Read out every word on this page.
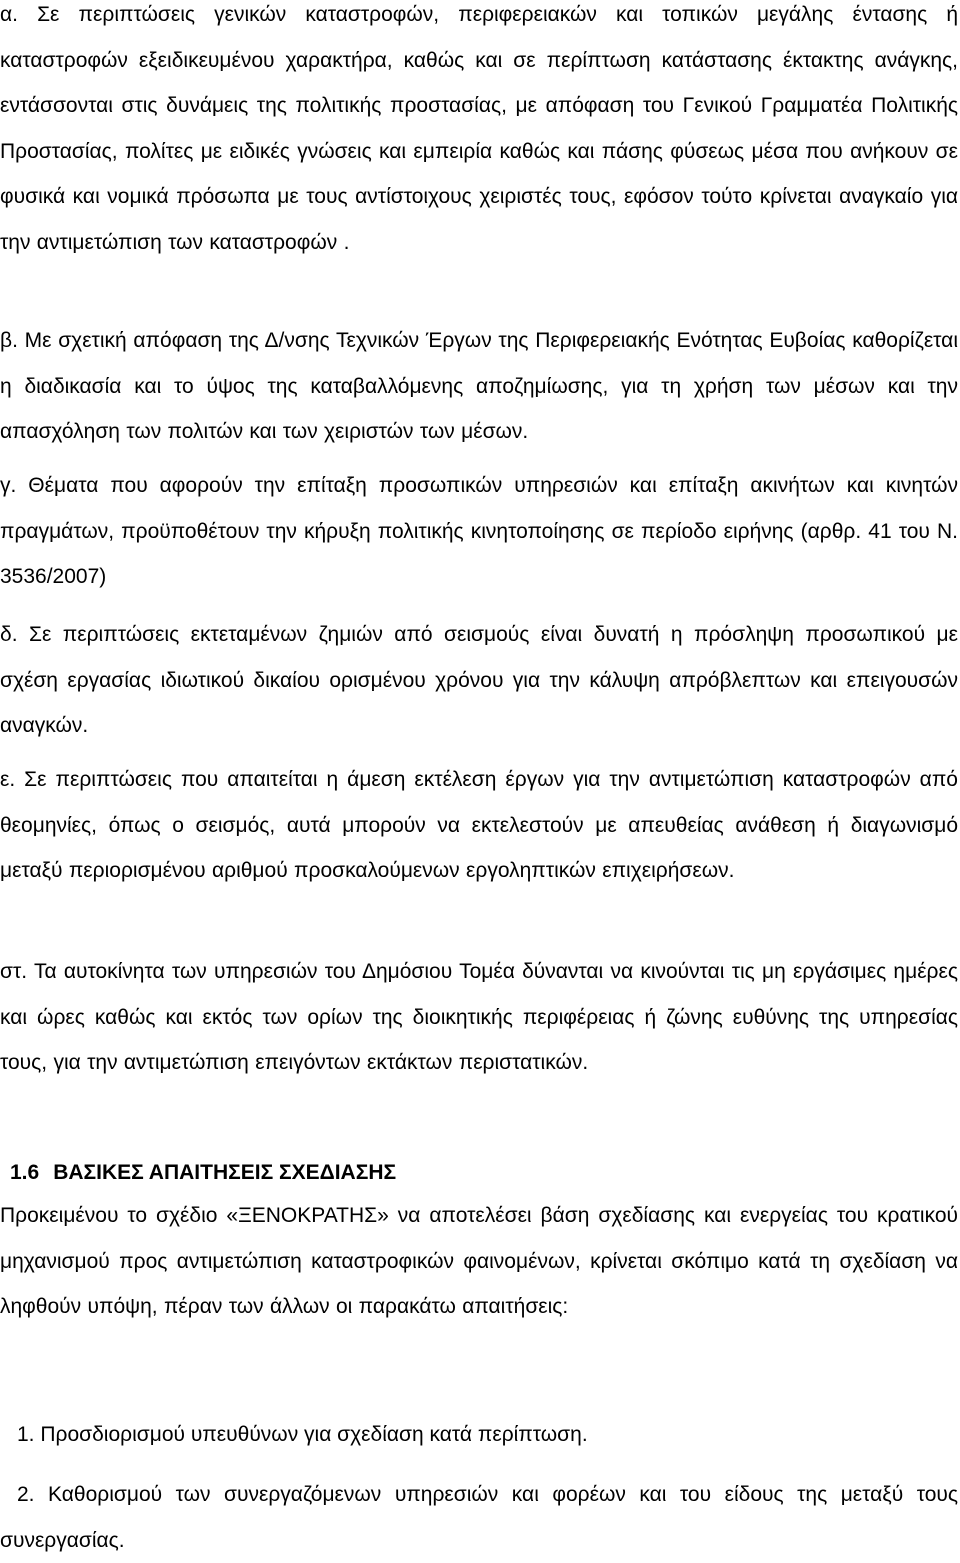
α. Σε περιπτώσεις γενικών καταστροφών, περιφερειακών και τοπικών μεγάλης έντασης ή καταστροφών εξειδικευμένου χαρακτήρα, καθώς και σε περίπτωση κατάστασης έκτακτης ανάγκης, εντάσσονται στις δυνάμεις της πολιτικής προστασίας, με απόφαση του Γενικού Γραμματέα Πολιτικής Προστασίας, πολίτες με ειδικές γνώσεις και εμπειρία καθώς και πάσης φύσεως μέσα που ανήκουν σε φυσικά και νομικά πρόσωπα με τους αντίστοιχους χειριστές τους, εφόσον τούτο κρίνεται αναγκαίο για την αντιμετώπιση των καταστροφών .

β. Με σχετική απόφαση της Δ/νσης Τεχνικών Έργων της Περιφερειακής Ενότητας Ευβοίας καθορίζεται η διαδικασία και το ύψος της καταβαλλόμενης αποζημίωσης, για τη χρήση των μέσων και την απασχόληση των πολιτών και των χειριστών των μέσων.

γ. Θέματα που αφορούν την επίταξη προσωπικών υπηρεσιών και επίταξη ακινήτων και κινητών πραγμάτων, προϋποθέτουν την κήρυξη πολιτικής κινητοποίησης σε περίοδο ειρήνης (αρθρ. 41 του Ν. 3536/2007)

δ. Σε περιπτώσεις εκτεταμένων ζημιών από σεισμούς είναι δυνατή η πρόσληψη προσωπικού με σχέση εργασίας ιδιωτικού δικαίου ορισμένου χρόνου για την κάλυψη απρόβλεπτων και επειγουσών αναγκών.

ε. Σε περιπτώσεις που απαιτείται η άμεση εκτέλεση έργων για την αντιμετώπιση καταστροφών από θεομηνίες, όπως ο σεισμός, αυτά μπορούν να εκτελεστούν με απευθείας ανάθεση ή διαγωνισμό μεταξύ περιορισμένου αριθμού προσκαλούμενων εργοληπτικών επιχειρήσεων.

στ. Τα αυτοκίνητα των υπηρεσιών του Δημόσιου Τομέα δύνανται να κινούνται τις μη εργάσιμες ημέρες και ώρες καθώς και εκτός των ορίων της διοικητικής περιφέρειας ή ζώνης ευθύνης της υπηρεσίας τους, για την αντιμετώπιση επειγόντων εκτάκτων περιστατικών.

1.6 ΒΑΣΙΚΕΣ ΑΠΑΙΤΗΣΕΙΣ ΣΧΕΔΙΑΣΗΣ

Προκειμένου το σχέδιο «ΞΕΝΟΚΡΑΤΗΣ» να αποτελέσει βάση σχεδίασης και ενεργείας του κρατικού μηχανισμού προς αντιμετώπιση καταστροφικών φαινομένων, κρίνεται σκόπιμο κατά τη σχεδίαση να ληφθούν υπόψη, πέραν των άλλων οι παρακάτω απαιτήσεις:

1. Προσδιορισμού υπευθύνων για σχεδίαση κατά περίπτωση.

2. Καθορισμού των συνεργαζόμενων υπηρεσιών και φορέων και του είδους της μεταξύ τους συνεργασίας.
